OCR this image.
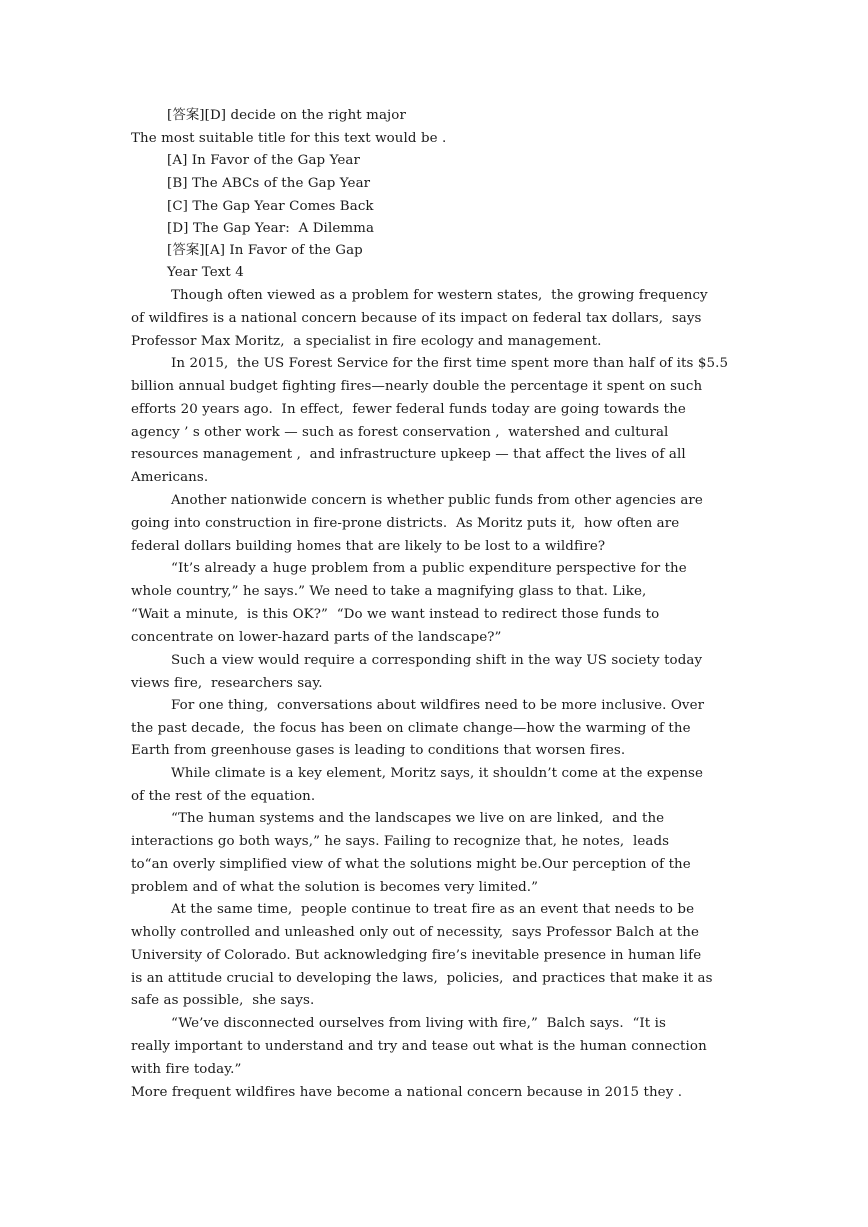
[答案][D] decide on the right major
The most suitable title for this text would be .
[A] In Favor of the Gap Year
[B] The ABCs of the Gap Year
[C] The Gap Year Comes Back
[D] The Gap Year:  A Dilemma
[答案][A] In Favor of the Gap
Year Text 4
Though often viewed as a problem for western states,  the growing frequency
of wildfires is a national concern because of its impact on federal tax dollars,  says
Professor Max Moritz,  a specialist in fire ecology and management.
In 2015,  the US Forest Service for the first time spent more than half of its $5.5
billion annual budget fighting fires—nearly double the percentage it spent on such
efforts 20 years ago.  In effect,  fewer federal funds today are going towards the
agency ’ s other work — such as forest conservation ,  watershed and cultural
resources management ,  and infrastructure upkeep — that affect the lives of all
Americans.
Another nationwide concern is whether public funds from other agencies are
going into construction in fire-prone districts.  As Moritz puts it,  how often are
federal dollars building homes that are likely to be lost to a wildfire?
“It’s already a huge problem from a public expenditure perspective for the
whole country,” he says.” We need to take a magnifying glass to that. Like,
“Wait a minute,  is this OK?”  “Do we want instead to redirect those funds to
concentrate on lower-hazard parts of the landscape?”
Such a view would require a corresponding shift in the way US society today
views fire,  researchers say.
For one thing,  conversations about wildfires need to be more inclusive. Over
the past decade,  the focus has been on climate change—how the warming of the
Earth from greenhouse gases is leading to conditions that worsen fires.
While climate is a key element, Moritz says, it shouldn’t come at the expense
of the rest of the equation.
“The human systems and the landscapes we live on are linked,  and the
interactions go both ways,” he says. Failing to recognize that, he notes,  leads
to“an overly simplified view of what the solutions might be.Our perception of the
problem and of what the solution is becomes very limited.”
At the same time,  people continue to treat fire as an event that needs to be
wholly controlled and unleashed only out of necessity,  says Professor Balch at the
University of Colorado. But acknowledging fire’s inevitable presence in human life
is an attitude crucial to developing the laws,  policies,  and practices that make it as
safe as possible,  she says.
“We’ve disconnected ourselves from living with fire,”  Balch says.  “It is
really important to understand and try and tease out what is the human connection
with fire today.”
More frequent wildfires have become a national concern because in 2015 they .
